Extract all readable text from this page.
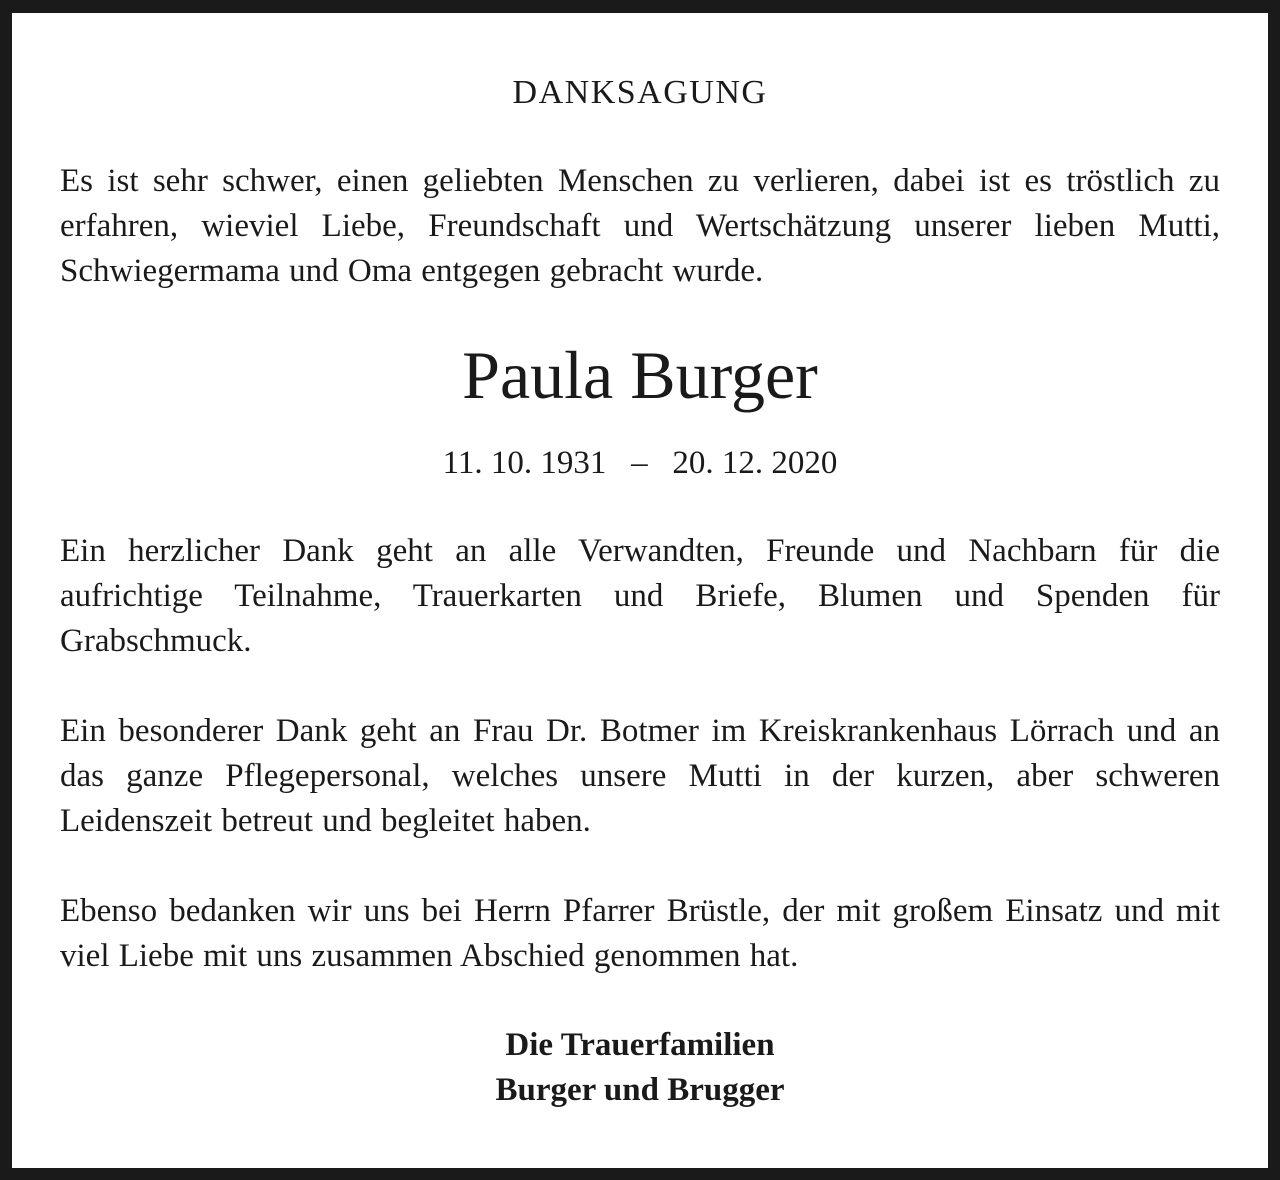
DANKSAGUNG

Es ist sehr schwer, einen geliebten Menschen zu verlieren, dabei ist es tröstlich zu erfahren, wieviel Liebe, Freundschaft und Wertschätzung unserer lieben Mutti, Schwiegermama und Oma entgegen gebracht wurde.

Paula Burger
11. 10. 1931   –   20. 12. 2020

Ein herzlicher Dank geht an alle Verwandten, Freunde und Nachbarn für die aufrichtige Teilnahme, Trauerkarten und Briefe, Blumen und Spenden für Grabschmuck.

Ein besonderer Dank geht an Frau Dr. Botmer im Kreiskrankenhaus Lörrach und an das ganze Pflegepersonal, welches unsere Mutti in der kurzen, aber schweren Leidenszeit betreut und begleitet haben.

Ebenso bedanken wir uns bei Herrn Pfarrer Brüstle, der mit großem Einsatz und mit viel Liebe mit uns zusammen Abschied genommen hat.

Die Trauerfamilien
Burger und Brugger
